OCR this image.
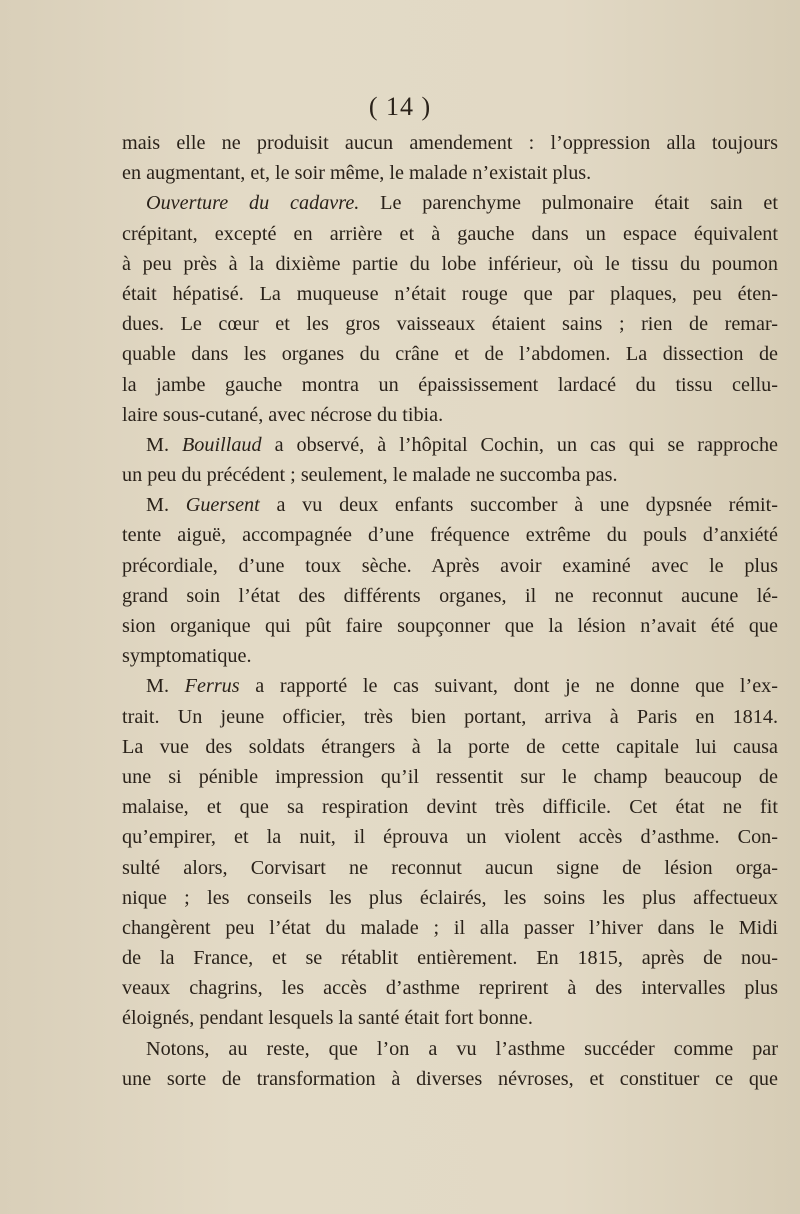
( 14 )
mais elle ne produisit aucun amendement : l’oppression alla toujours
en augmentant, et, le soir même, le malade n’existait plus.
Ouverture du cadavre. Le parenchyme pulmonaire était sain et
crépitant, excepté en arrière et à gauche dans un espace équivalent
à peu près à la dixième partie du lobe inférieur, où le tissu du poumon
était hépatisé. La muqueuse n’était rouge que par plaques, peu éten-
dues. Le cœur et les gros vaisseaux étaient sains ; rien de remar-
quable dans les organes du crâne et de l’abdomen. La dissection de
la jambe gauche montra un épaississement lardacé du tissu cellu-
laire sous-cutané, avec nécrose du tibia.
M. Bouillaud a observé, à l’hôpital Cochin, un cas qui se rapproche
un peu du précédent ; seulement, le malade ne succomba pas.
M. Guersent a vu deux enfants succomber à une dypsnée rémit-
tente aiguë, accompagnée d’une fréquence extrême du pouls d’anxiété
précordiale, d’une toux sèche. Après avoir examiné avec le plus
grand soin l’état des différents organes, il ne reconnut aucune lé-
sion organique qui pût faire soupçonner que la lésion n’avait été que
symptomatique.
M. Ferrus a rapporté le cas suivant, dont je ne donne que l’ex-
trait. Un jeune officier, très bien portant, arriva à Paris en 1814.
La vue des soldats étrangers à la porte de cette capitale lui causa
une si pénible impression qu’il ressentit sur le champ beaucoup de
malaise, et que sa respiration devint très difficile. Cet état ne fit
qu’empirer, et la nuit, il éprouva un violent accès d’asthme. Con-
sulté alors, Corvisart ne reconnut aucun signe de lésion orga-
nique ; les conseils les plus éclairés, les soins les plus affectueux
changèrent peu l’état du malade ; il alla passer l’hiver dans le Midi
de la France, et se rétablit entièrement. En 1815, après de nou-
veaux chagrins, les accès d’asthme reprirent à des intervalles plus
éloignés, pendant lesquels la santé était fort bonne.
Notons, au reste, que l’on a vu l’asthme succéder comme par
une sorte de transformation à diverses névroses, et constituer ce que
